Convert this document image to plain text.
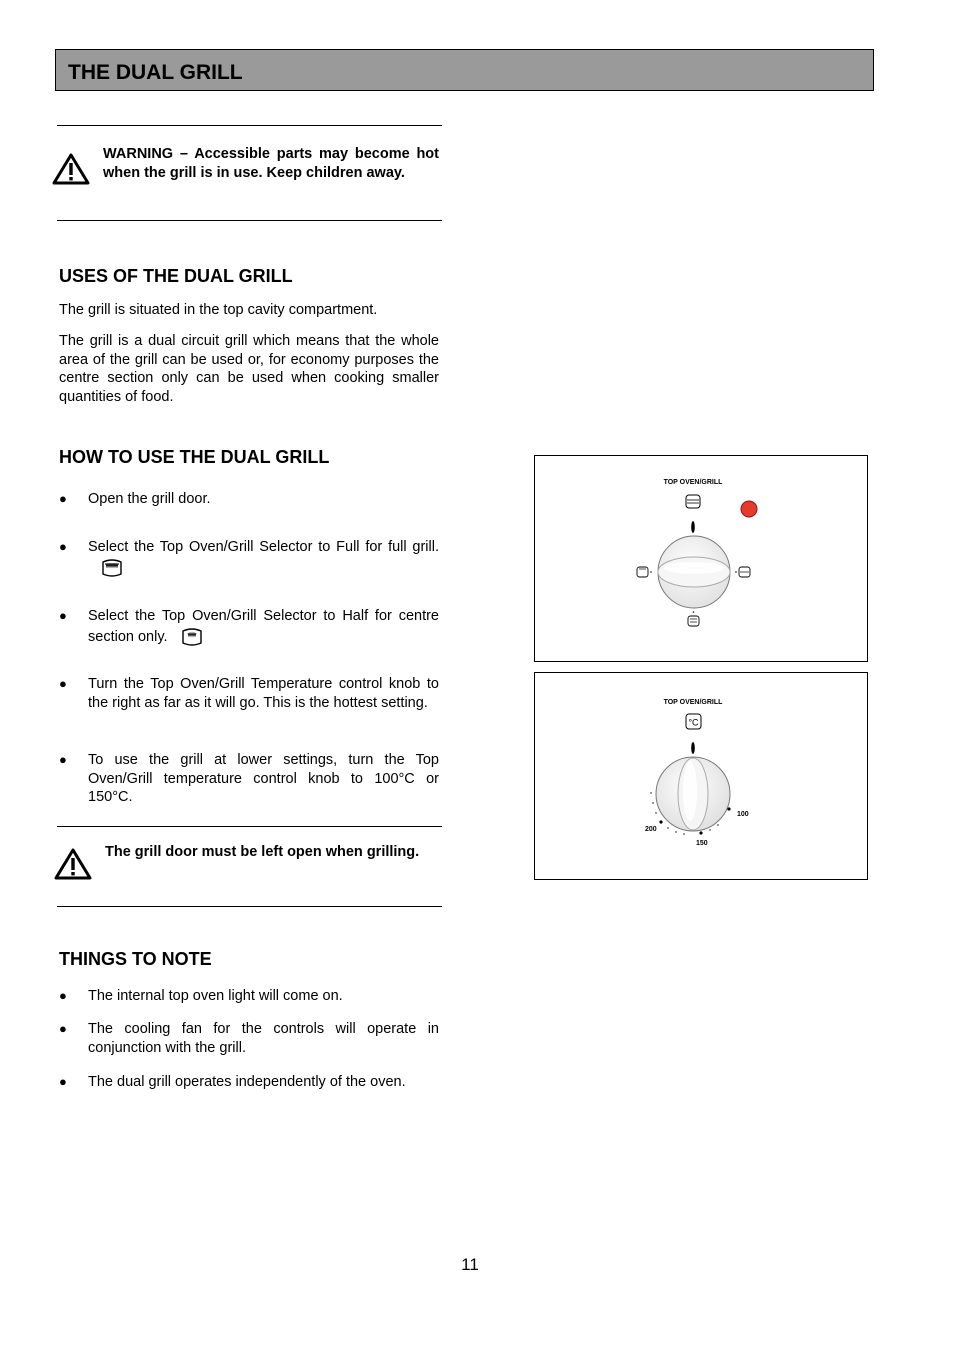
THE DUAL GRILL
WARNING – Accessible parts may become hot when the grill is in use. Keep children away.
USES OF THE DUAL GRILL

The grill is situated in the top cavity compartment.

The grill is a dual circuit grill which means that the whole area of the grill can be used or, for economy purposes the centre section only can be used when cooking smaller quantities of food.

HOW TO USE THE DUAL GRILL
● Open the grill door.
● Select the Top Oven/Grill Selector to Full for full grill.
● Select the Top Oven/Grill Selector to Half for centre section only.
● Turn the Top Oven/Grill Temperature control knob to the right as far as it will go. This is the hottest setting.
● To use the grill at lower settings, turn the Top Oven/Grill temperature control knob to 100°C or 150°C.
The grill door must be left open when grilling.
THINGS TO NOTE
● The internal top oven light will come on.
● The cooling fan for the controls will operate in conjunction with the grill.
● The dual grill operates independently of the oven.
TOP OVEN/GRILL
TOP OVEN/GRILL
°C
100
150
200
11
